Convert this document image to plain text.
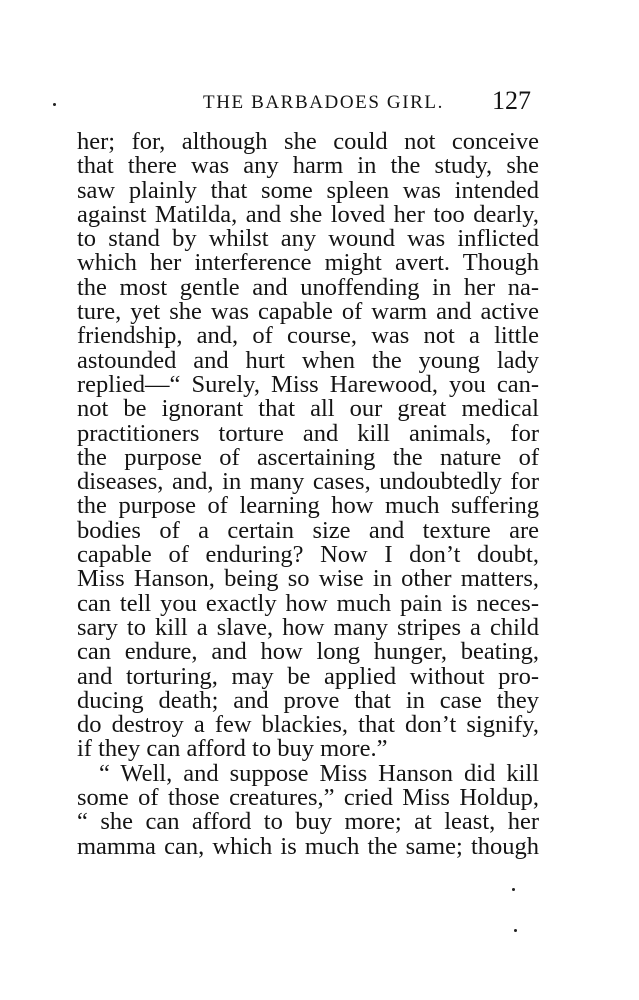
THE BARBADOES GIRL. 127
her; for, although she could not conceive
that there was any harm in the study, she
saw plainly that some spleen was intended
against Matilda, and she loved her too dearly,
to stand by whilst any wound was inflicted
which her interference might avert. Though
the most gentle and unoffending in her na-
ture, yet she was capable of warm and active
friendship, and, of course, was not a little
astounded and hurt when the young lady
replied—“ Surely, Miss Harewood, you can-
not be ignorant that all our great medical
practitioners torture and kill animals, for
the purpose of ascertaining the nature of
diseases, and, in many cases, undoubtedly for
the purpose of learning how much suffering
bodies of a certain size and texture are
capable of enduring? Now I don’t doubt,
Miss Hanson, being so wise in other matters,
can tell you exactly how much pain is neces-
sary to kill a slave, how many stripes a child
can endure, and how long hunger, beating,
and torturing, may be applied without pro-
ducing death; and prove that in case they
do destroy a few blackies, that don’t signify,
if they can afford to buy more.”
“ Well, and suppose Miss Hanson did kill
some of those creatures,” cried Miss Holdup,
“ she can afford to buy more; at least, her
mamma can, which is much the same; though
